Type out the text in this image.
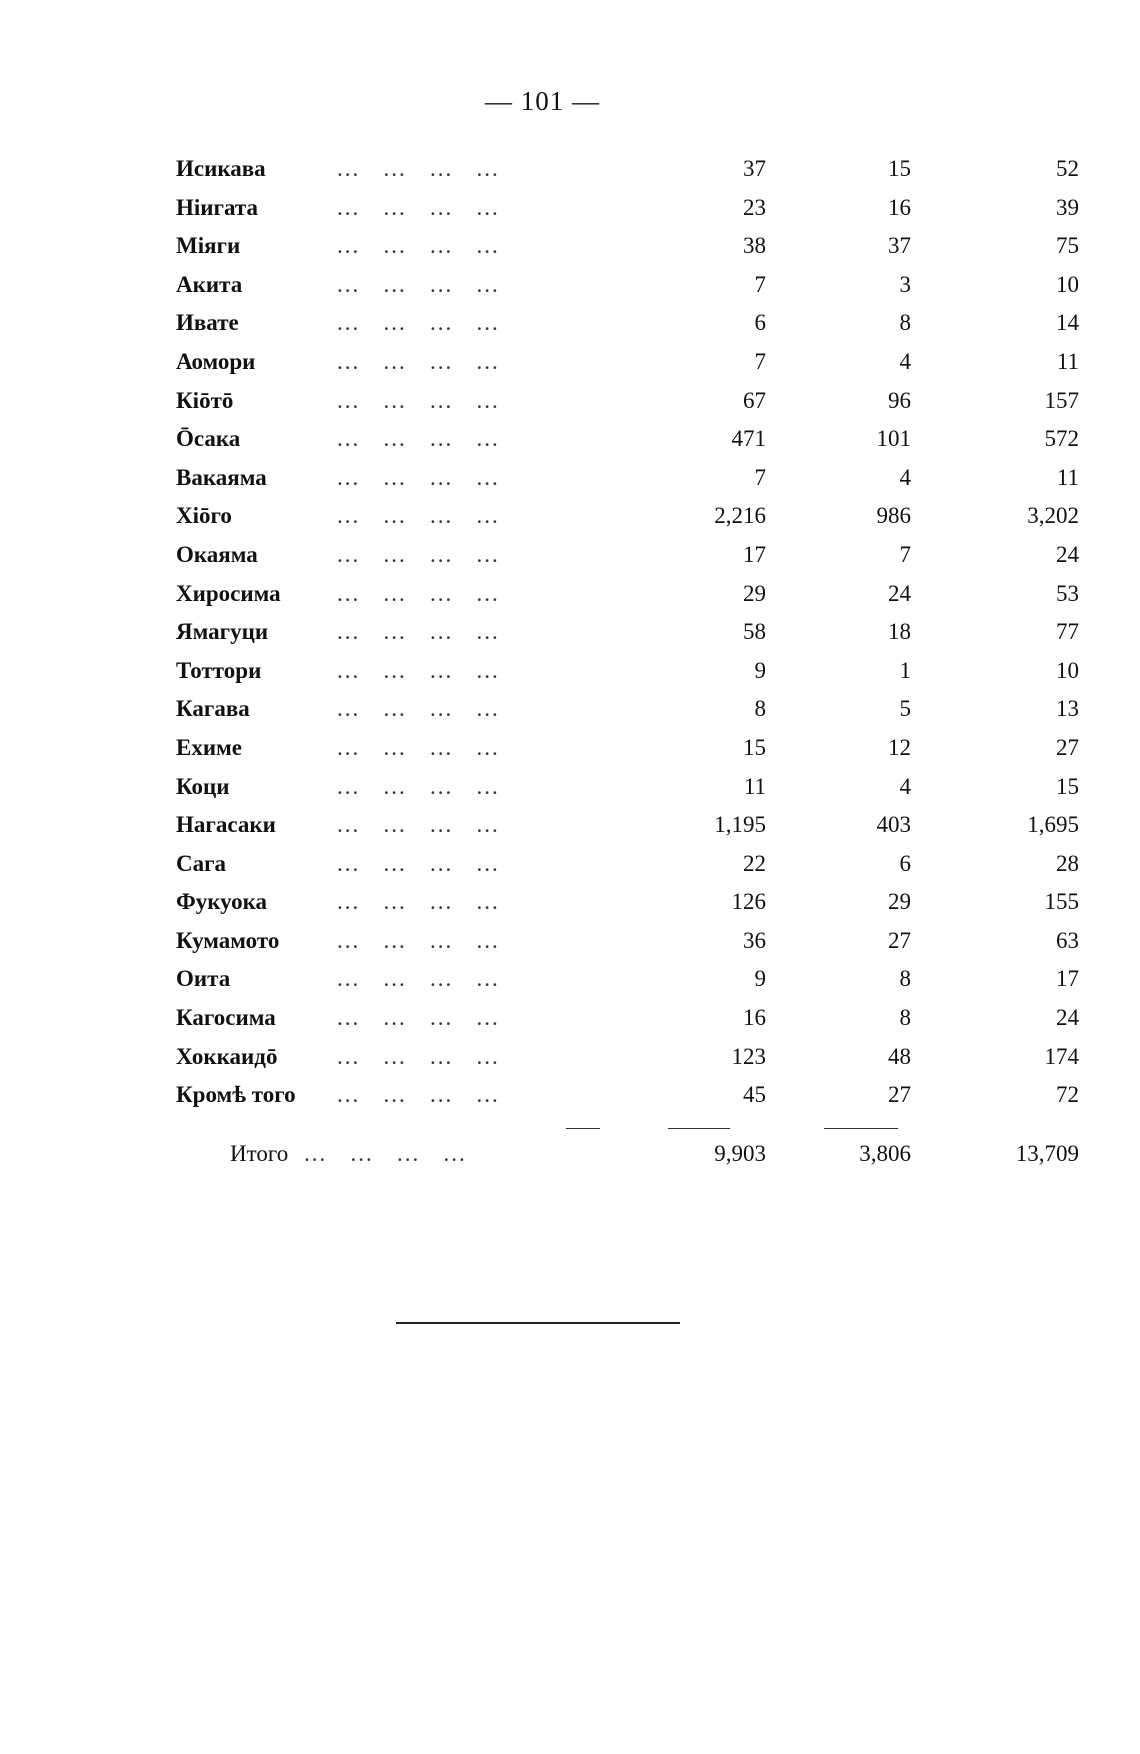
— 101 —
Исикава ...   ...   ...   ...	37	15	52
Ніигата ...   ...   ...   ...	23	16	39
Міяги	...   ...   ...   ...	38	37	75
Акита	...   ...   ...   ...	7	3	10
Иватe	...   ...   ...   ...	6	8	14
Аомори ...   ...   ...   ...	7	4	11
Кіōтō	...   ...   ...   ...	67	96	157
Ōсака	...   ...   ...   ...	471	101	572
Вакаяма ...   ...   ...   ...	7	4	11
Хіōго	...   ...   ...   ...	2,216	986	3,202
Окаяма ...   ...   ...   ...	17	7	24
Хиросима ...   ...   ...   ...	29	24	53
Ямагуци ...   ...   ...   ...	58	18	77
Тоттори ...   ...   ...   ...	9	1	10
Кагава ...   ...   ...   ...	8	5	13
Ехимe	...   ...   ...   ...	15	12	27
Коци	...   ...   ...   ...	11	4	15
Нагасаки ...   ...   ...   ...	1,195	403	1,695
Сага	...   ...   ...   ...	22	6	28
Фукуока ...   ...   ...   ...	126	29	155
Кумамото ...   ...   ...   ...	36	27	63
Оита	...   ...   ...   ...	9	8	17
Кагосима ...   ...   ...   ...	16	8	24
Хоккаидō ...   ...   ...   ...	123	48	174
Кромѣ того ...   ...   ...   ...	45	27	72
Итого ...   ...   ...   ...	9,903	3,806	13,709
